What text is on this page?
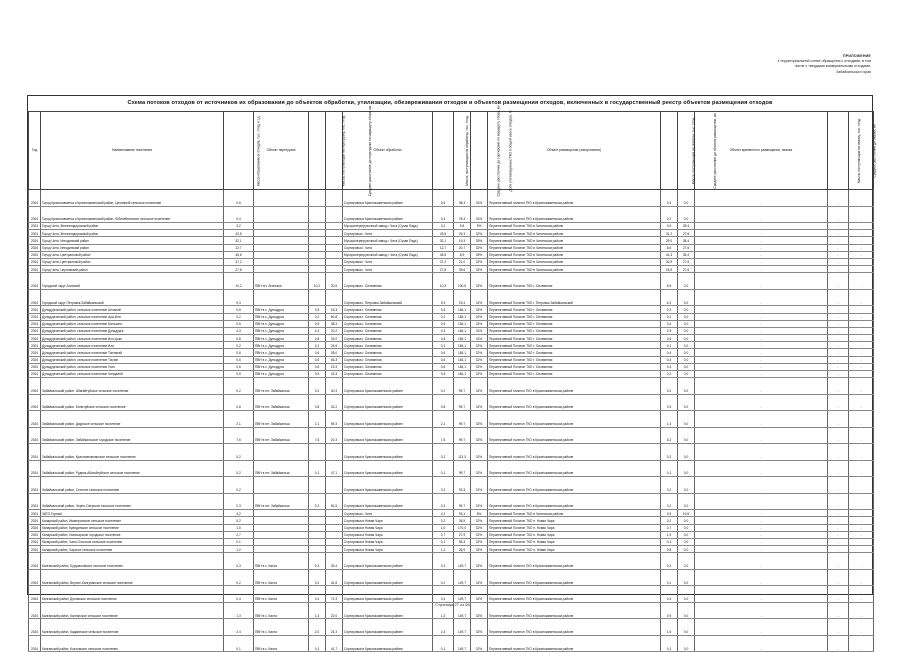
ПРИЛОЖЕНИЕ
к территориальной схеме обращения с отходами, в том
числе с твердыми коммунальными отходами,
Забайкальского края
Схема потоков отходов от источников их образования до объектов обработки, утилизации, обезвреживания отходов и объектов размещения отходов, включенных в государственный реестр объектов размещения отходов
Год	Наименование поселения	Масса образованных отходов, тыс. т/год и т.д.	Объект перегрузки	Масса, поступающая на перегрузку, тыс. т/год	Среднее расстояние до перегрузки по маршруту сбора, км	Объект обработки	Масса, поступающая на обработку, тыс. т/год	Среднее расстояние до сортировки по маршруту сбора, км	Доля утилизируемых ТКО в общей массе отходов, %	Объект размещения (захоронения)	Масса, поступающая на полигон, тыс. т/год	Среднее расстояние до объекта размещения, км	Объект временного размещения, свалка	Масса, поступающая на свалку, тыс. т/год	Среднее расстояние до свалки, км
2024	Город Краснокаменск и Краснокаменский район, Целинный сельское поселение	0,6				Сортировка в Краснокаменском районе	0,6	38,3	32%	Перспективный полигон ТКО в Краснокаменском районе	0,4	0,0	-	-	-
2024	Город Краснокаменск и Краснокаменский район, Юбилейнинское сельское поселение	0,4				Сортировка в Краснокаменском районе	0,4	78,3	32%	Перспективный полигон ТКО в Краснокаменском районе	0,2	0,0	-	-	-
2024	Город Чита, Железнодорожный район	3,2				Мусороперегрузочный завод г. Чита (Сухая Падь)	3,2	9,8	9%	Перспективный Полигон ТКО в Читинском районе	3,9	35,4	-	-	-
2024	Город Чита, Железнодорожный район	43,5				Сортировка г. Чита	43,5	29,3	32%	Перспективный Полигон ТКО в Читинском районе	31,2	27,6	-	-	-
2024	Город Чита, Ингодинский район	32,1				Мусороперегрузочный завод г. Чита (Сухая Падь)	32,1	19,3	35%	Перспективный Полигон ТКО в Читинском районе	29,0	38,4	-	-	-
2024	Город Чита, Ингодинский район	12,7				Сортировка г. Чита	12,7	20,7	32%	Перспективный Полигон ТКО в Читинском районе	8,6	27,6	-	-	-
2024	Город Чита, Центральный район	45,6				Мусороперегрузочный завод г. Чита (Сухая Падь)	45,6	8,9	35%	Перспективный Полигон ТКО в Читинском районе	41,3	35,4	-	-	-
2024	Город Чита, Центральный район	37,2				Сортировка г. Чита	37,2	21,0	32%	Перспективный Полигон ТКО в Читинском районе	30,9	27,6	-	-	-
2024	Город Чита, Черновский район	27,8				Сортировка г. Чита	27,8	39,6	32%	Перспективный Полигон ТКО в Читинском районе	18,9	27,6	-	-	-
2024	Городской округ Агинский	10,2	ПВН пгт. Агинское	10,2	20,5	Сортировка г. Оловянная	10,2	100,6	32%	Перспективный Полигон ТКО г. Оловянная	6,9	0,0	-	-	-
2024	Городской округ Петровск-Забайкальский	9,3				Сортировка г. Петровск-Забайкальский	9,3	23,4	32%	Перспективный Полигон ТКО г. Петровск-Забайкальский	6,3	0,0	-	-	-
2024	Дульдургинский район, сельское поселение Алханай	0,5	ПВН в с. Дульдурга	0,5	15,3	Сортировка г. Оловянная	0,5	184,1	32%	Перспективный Полигон ТКО г. Оловянная	0,3	0,0	-	-	-
2024	Дульдургинский район, сельское поселение Ара-Иля	0,2	ПВН в с. Дульдурга	0,2	60,8	Сортировка г. Оловянная	0,2	184,1	32%	Перспективный Полигон ТКО г. Оловянная	0,1	0,0	-	-	-
2024	Дульдургинский район, сельское поселение Бальзино	0,5	ПВН в с. Дульдурга	0,5	38,3	Сортировка г. Оловянная	0,5	184,1	32%	Перспективный Полигон ТКО г. Оловянная	0,4	0,0	-	-	-
2024	Дульдургинский район, сельское поселение Дульдурга	4,3	ПВН в с. Дульдурга	4,3	20,2	Сортировка г. Оловянная	4,3	184,1	32%	Перспективный Полигон ТКО г. Оловянная	2,9	0,0	-	-	-
2024	Дульдургинский район, сельское поселение Ихэ-Цоке	0,8	ПВН в с. Дульдурга	0,8	33,0	Сортировка г. Оловянная	0,8	184,1	32%	Перспективный Полигон ТКО г. Оловянная	0,6	0,0	-	-	-
2024	Дульдургинский район, сельское поселение Иля	0,2	ПВН в с. Дульдурга	0,2	24,6	Сортировка г. Оловянная	0,2	184,1	32%	Перспективный Полигон ТКО г. Оловянная	0,1	0,0	-	-	-
2024	Дульдургинский район, сельское поселение Таптанай	0,6	ПВН в с. Дульдурга	0,6	28,0	Сортировка г. Оловянная	0,6	184,1	32%	Перспективный Полигон ТКО г. Оловянная	0,4	0,0	-	-	-
2024	Дульдургинский район, сельское поселение Токчин	0,6	ПВН в с. Дульдурга	0,6	65,3	Сортировка г. Оловянная	0,6	184,1	32%	Перспективный Полигон ТКО г. Оловянная	0,4	0,0	-	-	-
2024	Дульдургинский район, сельское поселение Узон	0,6	ПВН в с. Дульдурга	0,6	15,3	Сортировка г. Оловянная	0,6	184,1	32%	Перспективный Полигон ТКО г. Оловянная	0,4	0,0	-	-	-
2024	Дульдургинский район, сельское поселение Чиндалей	0,5	ПВН в с. Дульдурга	0,5	43,3	Сортировка г. Оловянная	0,5	184,1	32%	Перспективный Полигон ТКО г. Оловянная	0,3	0,0	-	-	-
2024	Забайкальский район, Абагайтуйское сельское поселение	0,2	ПВН в пгт. Забайкальск	0,2	40,3	Сортировка в Краснокаменском районе	0,2	99,7	32%	Перспективный полигон ТКО в Краснокаменском районе	0,2	0,0	-	-	-
2024	Забайкальский район, Билитуйское сельское поселение	0,8	ПВН в пгт. Забайкальск	0,8	32,2	Сортировка в Краснокаменском районе	0,8	99,7	32%	Перспективный полигон ТКО в Краснокаменском районе	0,5	0,0	-	-	-
2024	Забайкальский район, Даурское сельское поселение	2,1	ПВН в пгт. Забайкальск	2,1	59,3	Сортировка в Краснокаменском районе	2,1	99,7	32%	Перспективный полигон ТКО в Краснокаменском районе	1,4	0,0	-	-	-
2024	Забайкальский район, Забайкальское городское поселение	7,6	ПВН в пгт. Забайкальск	7,6	20,3	Сортировка в Краснокаменском районе	7,6	99,7	32%	Перспективный полигон ТКО в Краснокаменском районе	5,2	0,0	-	-	-
2024	Забайкальский район, Красновеликанское сельское поселение	0,2				Сортировка в Краснокаменском районе	0,2	113,3	32%	Перспективный полигон ТКО в Краснокаменском районе	0,2	0,0	-	-	-
2024	Забайкальский район, Рудник-Абагайтуйское сельское поселение	0,2	ПВН в пгт. Забайкальск	0,1	47,1	Сортировка в Краснокаменском районе	0,1	99,7	32%	Перспективный полигон ТКО в Краснокаменском районе	0,1	0,0	-	-	-
2024	Забайкальский район, Степное сельское поселение	0,2				Сортировка в Краснокаменском районе	0,2	93,3	32%	Перспективный полигон ТКО в Краснокаменском районе	0,2	0,0	-	-	-
2024	Забайкальский район, Черно-Озерское сельское поселение	0,3	ПВН в пгт. Забайкальск	0,3	81,5	Сортировка в Краснокаменском районе	0,3	99,7	32%	Перспективный полигон ТКО в Краснокаменском районе	0,2	0,0	-	-	-
2024	ЗАТО Горный	4,2				Сортировка г. Чита	4,2	93,1	8%	Перспективный Полигон ТКО в Читинском районе	3,9	19,6	-	-	-
2024	Каларский район, Имангринское сельское поселение	0,2				Сортировка в Новая Чара	0,2	36,5	32%	Перспективный Полигон ТКО п. Новая Чара	0,2	0,0	-	-	-
2024	Каларский район, Куандинское сельское поселение	1,0				Сортировка в Новая Чара	1,0	170,0	32%	Перспективный Полигон ТКО п. Новая Чара	0,7	0,0	-	-	-
2024	Каларский район, Новочарское городское поселение	2,7				Сортировка в Новая Чара	2,7	27,9	32%	Перспективный Полигон ТКО п. Новая Чара	1,9	0,0	-	-	-
2024	Каларский район, Чапо-Ологское сельское поселение	0,1				Сортировка в Новая Чара	0,1	55,3	32%	Перспективный Полигон ТКО п. Новая Чара	0,1	0,0	-	-	-
2024	Каларский район, Чарское сельское поселение	1,2				Сортировка в Новая Чара	1,2	28,9	32%	Перспективный Полигон ТКО п. Новая Чара	0,8	0,0	-	-	-
2024	Калганский район, Бурукановское сельское поселение	0,3	ПВН в с. Калга	0,3	33,4	Сортировка в Краснокаменском районе	0,3	149,7	32%	Перспективный полигон ТКО в Краснокаменском районе	0,2	0,0	-	-	-
2024	Калганский район, Верхне-Калгуканское сельское поселение	0,2	ПВН в с. Калга	0,2	41,8	Сортировка в Краснокаменском районе	0,2	149,7	32%	Перспективный полигон ТКО в Краснокаменском районе	0,1	0,0	-	-	-
2024	Калганский район, Доновское сельское поселение	0,4	ПВН в с. Калга	0,4	72,3	Сортировка в Краснокаменском районе	0,4	149,7	32%	Перспективный полигон ТКО в Краснокаменском районе	0,3	0,0	-	-	-
2024	Калганский район, Калганское сельское поселение	1,3	ПВН в с. Калга	1,3	22,0	Сортировка в Краснокаменском районе	1,3	149,7	32%	Перспективный полигон ТКО в Краснокаменском районе	0,9	0,0	-	-	-
2024	Калганский район, Кадаинское сельское поселение	2,4	ПВН в с. Калга	2,0	24,3	Сортировка в Краснокаменском районе	2,4	149,7	32%	Перспективный полигон ТКО в Краснокаменском районе	1,6	0,0	-	-	-
2024	Калганский район, Козловское сельское поселение	0,1	ПВН в с. Калга	0,1	41,7	Сортировка в Краснокаменском районе	0,1	149,7	32%	Перспективный полигон ТКО в Краснокаменском районе	0,1	0,0	-	-	-
Страница 27 из 66
